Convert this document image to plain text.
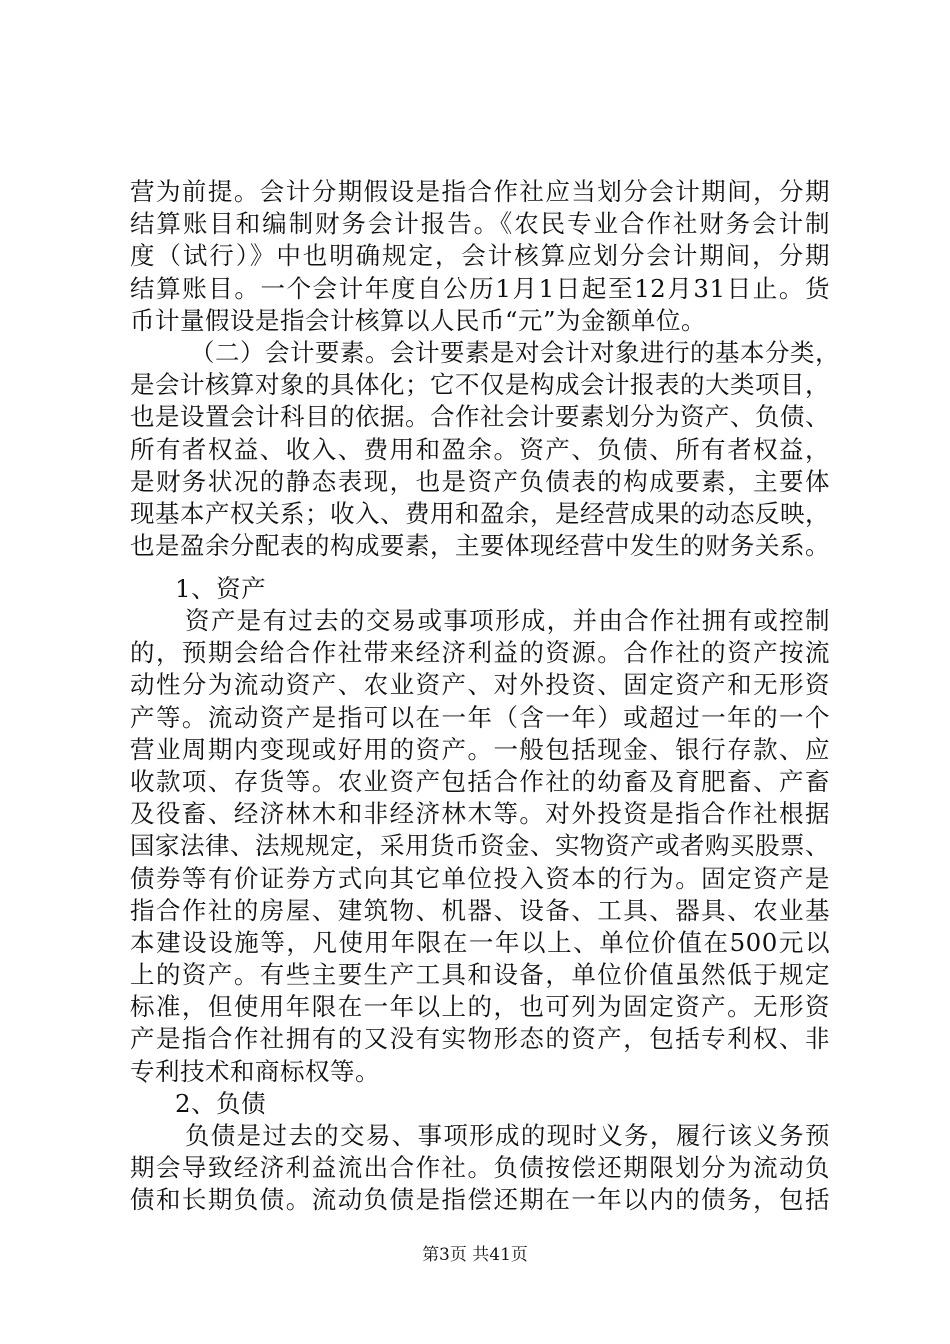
营为前提。会计分期假设是指合作社应当划分会计期间，分期
结算账目和编制财务会计报告。《农民专业合作社财务会计制
度（试行）》中也明确规定，会计核算应划分会计期间，分期
结算账目。一个会计年度自公历1月1日起至12月31日止。货
币计量假设是指会计核算以人民币“元”为金额单位。
（二）会计要素。会计要素是对会计对象进行的基本分类，
是会计核算对象的具体化；它不仅是构成会计报表的大类项目，
也是设置会计科目的依据。合作社会计要素划分为资产、负债、
所有者权益、收入、费用和盈余。资产、负债、所有者权益，
是财务状况的静态表现，也是资产负债表的构成要素，主要体
现基本产权关系；收入、费用和盈余，是经营成果的动态反映，
也是盈余分配表的构成要素，主要体现经营中发生的财务关系。
1、资产
资产是有过去的交易或事项形成，并由合作社拥有或控制
的，预期会给合作社带来经济利益的资源。合作社的资产按流
动性分为流动资产、农业资产、对外投资、固定资产和无形资
产等。流动资产是指可以在一年（含一年）或超过一年的一个
营业周期内变现或好用的资产。一般包括现金、银行存款、应
收款项、存货等。农业资产包括合作社的幼畜及育肥畜、产畜
及役畜、经济林木和非经济林木等。对外投资是指合作社根据
国家法律、法规规定，采用货币资金、实物资产或者购买股票、
债券等有价证券方式向其它单位投入资本的行为。固定资产是
指合作社的房屋、建筑物、机器、设备、工具、器具、农业基
本建设设施等，凡使用年限在一年以上、单位价值在500元以
上的资产。有些主要生产工具和设备，单位价值虽然低于规定
标准，但使用年限在一年以上的，也可列为固定资产。无形资
产是指合作社拥有的又没有实物形态的资产，包括专利权、非
专利技术和商标权等。
2、负债
负债是过去的交易、事项形成的现时义务，履行该义务预
期会导致经济利益流出合作社。负债按偿还期限划分为流动负
债和长期负债。流动负债是指偿还期在一年以内的债务，包括
第3页 共41页
